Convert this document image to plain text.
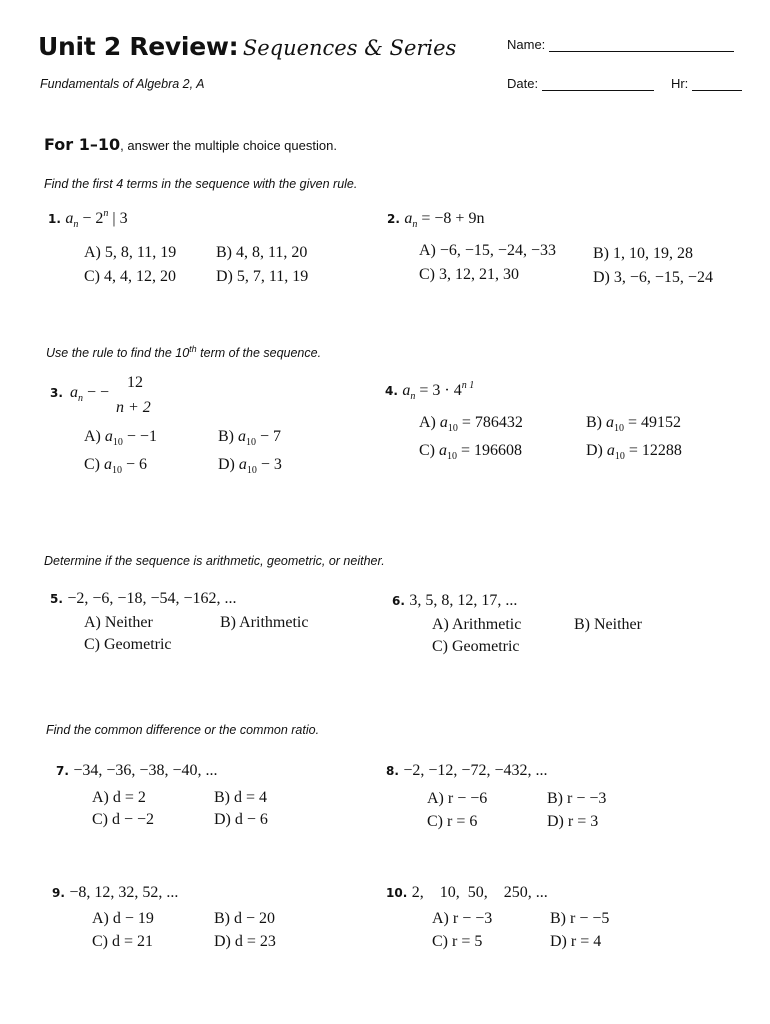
Unit 2 Review: Sequences & Series
Fundamentals of Algebra 2, A
Name:
Date:	Hr:
For 1–10, answer the multiple choice question.
Find the first 4 terms in the sequence with the given rule.
1. $a_n - 2^n$ | 3
A) 5, 8, 11, 19 B) 4, 8, 11, 20
C) 4, 4, 12, 20	D) 5, 7, 11, 19
2. $a_n = -8 + 9n$
A) −6, −15, −24, −33 B) 1, 10, 19, 28
C) 3, 12, 21, 30	D) 3, −6, −15, −24
Use the rule to find the 10th term of the sequence.
3. $a_n$ − −
12
n + 2
A) $a_{10} - -1$	B) $a_{10} - 7$
C) $a_{10} - 6$	D) $a_{10} - 3$
4. $a_n = 3 \cdot 4^{n 1}$
A) $a_{10} = 786432$	B) $a_{10} = 49152$
C) $a_{10} = 196608$	D) $a_{10} = 12288$
Determine if the sequence is arithmetic, geometric, or neither.
5. −2, −6, −18, −54, −162, ...
A) Neither	B) Arithmetic
C) Geometric
6. 3, 5, 8, 12, 17, ...
A) Arithmetic	B) Neither
C) Geometric
Find the common difference or the common ratio.
7. −34, −36, −38, −40, ...
A) d = 2	B) d = 4
C) d − −2	D) d − 6
8. −2, −12, −72, −432, ...
A) r − −6	B) r − −3
C) r = 6	D) r = 3
9. −8, 12, 32, 52, ...
A) d − 19	B) d − 20
C) d = 21	D) d = 23
10. 2,    10,  50,    250, ...
A) r − −3	B) r − −5
C) r = 5	D) r = 4
